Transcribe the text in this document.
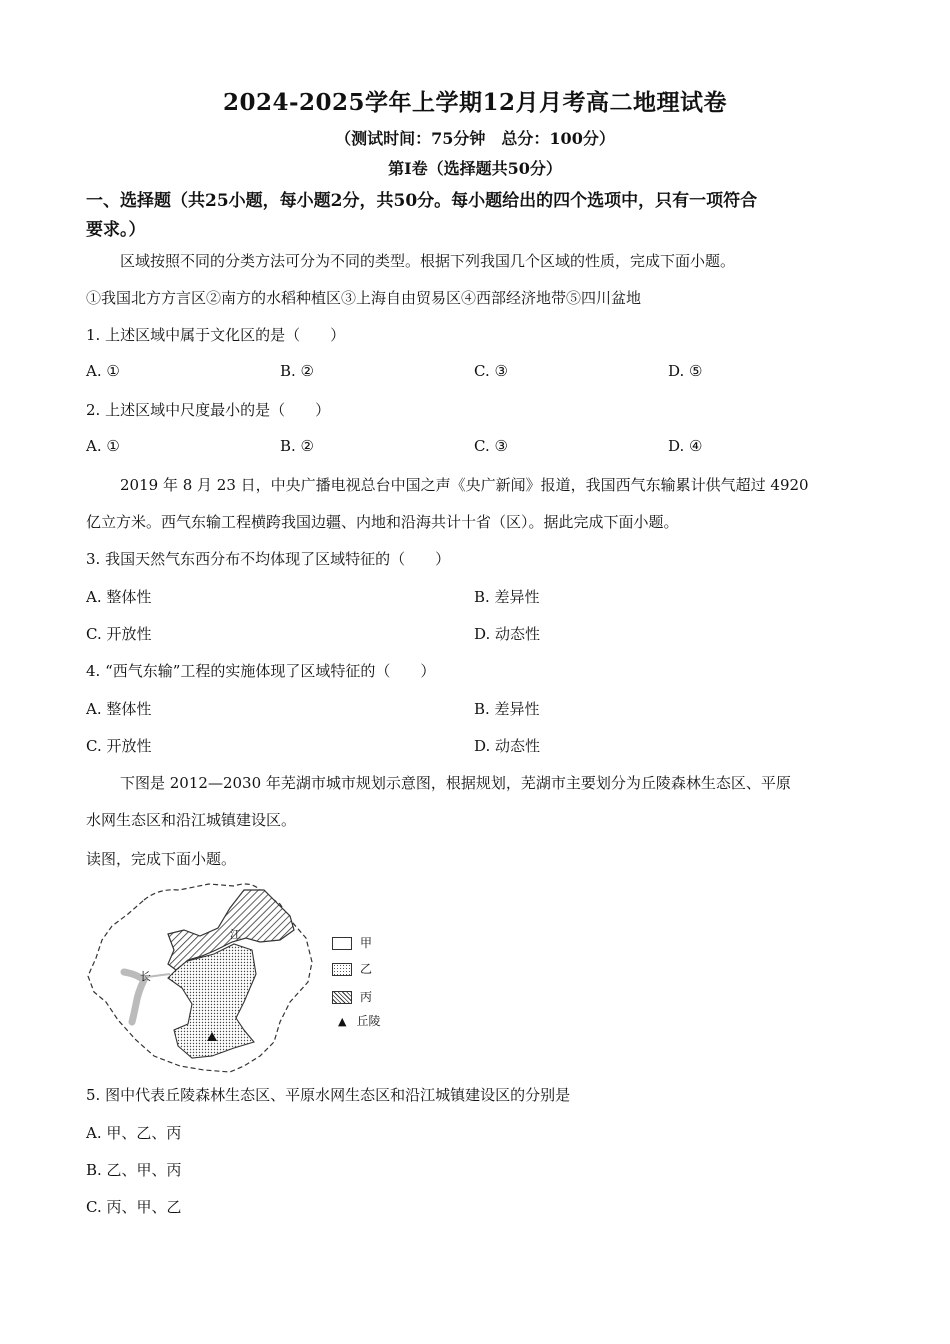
2024-2025学年上学期12月月考高二地理试卷
（测试时间：75分钟　总分：100分）
第Ⅰ卷（选择题共50分）
一、选择题（共25小题，每小题2分，共50分。每小题给出的四个选项中，只有一项符合
要求。）
区域按照不同的分类方法可分为不同的类型。根据下列我国几个区域的性质，完成下面小题。
①我国北方方言区②南方的水稻种植区③上海自由贸易区④西部经济地带⑤四川盆地
1. 上述区域中属于文化区的是（　　）
A. ①	B. ②	C. ③	D. ⑤
2. 上述区域中尺度最小的是（　　）
A. ①	B. ②	C. ③	D. ④
2019 年 8 月 23 日，中央广播电视总台中国之声《央广新闻》报道，我国西气东输累计供气超过 4920
亿立方米。西气东输工程横跨我国边疆、内地和沿海共计十省（区）。据此完成下面小题。
3. 我国天然气东西分布不均体现了区域特征的（　　）
A. 整体性	B. 差异性
C. 开放性	D. 动态性
4. “西气东输”工程的实施体现了区域特征的（　　）
A. 整体性	B. 差异性
C. 开放性	D. 动态性
下图是 2012—2030 年芜湖市城市规划示意图，根据规划，芜湖市主要划分为丘陵森林生态区、平原
水网生态区和沿江城镇建设区。
读图，完成下面小题。
江
长
甲
乙
丙
▲ 丘陵
5. 图中代表丘陵森林生态区、平原水网生态区和沿江城镇建设区的分别是
A. 甲、乙、丙
B. 乙、甲、丙
C. 丙、甲、乙
